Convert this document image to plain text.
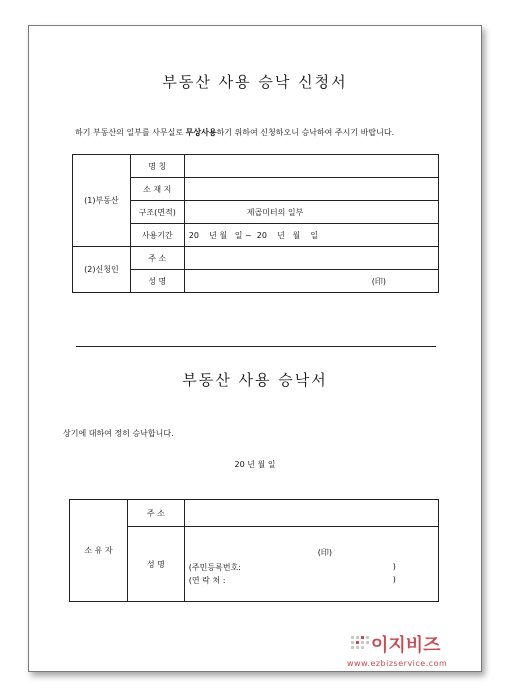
부동산 사용 승낙 신청서
하기 부동산의 일부를 사무실로 무상사용하기 위하여 신청하오니 승낙하여 주시기 바랍니다.
(1)부동산	명 칭	
	소 재 지	
	구조(면적)	제곱미터의 일부
	사용기간	20    년 월   일 ~  20    년   월    일
(2)신청인	주 소	
	성 명	(印)
부동산 사용 승낙서
상기에 대하여 정히 승낙합니다.
20 년 월 일
소 유 자	주 소	
	성 명	(印)
(주민등록번호: )
(연 락 처 : )
이지비즈
www.ezbizservice.com
